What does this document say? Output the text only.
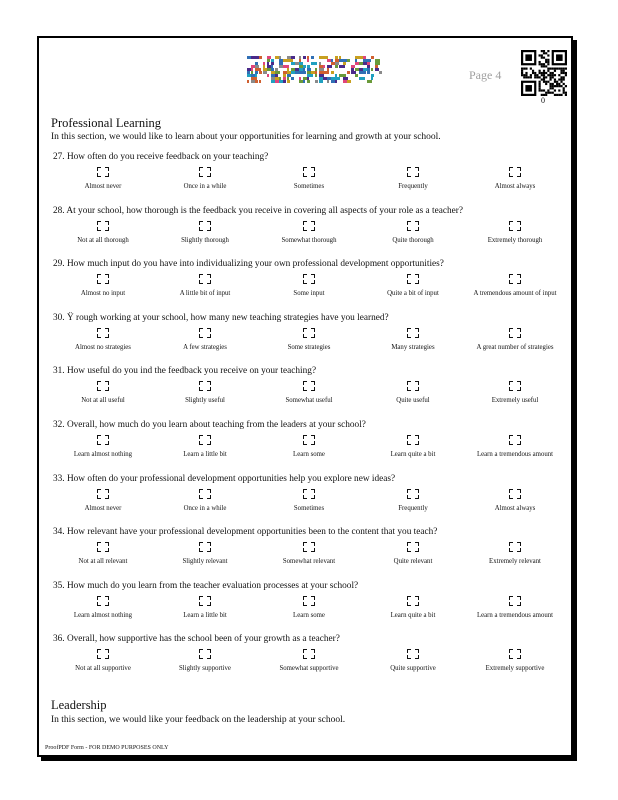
Page 4
0
Professional Learning
In this section, we would like to learn about your opportunities for learning and growth at your school.
27. How often do you receive feedback on your teaching?
Almost never	Once in a while	Sometimes	Frequently	Almost always
28. At your school, how thorough is the feedback you receive in covering all aspects of your role as a teacher?
Not at all thorough	Slightly thorough	Somewhat thorough	Quite thorough	Extremely thorough
29. How much input do you have into individualizing your own professional development opportunities?
Almost no input	A little bit of input	Some input	Quite a bit of input	A tremendous amount of input
30. Ÿ rough working at your school, how many new teaching strategies have you learned?
Almost no strategies	A few strategies	Some strategies	Many strategies	A great number of strategies
31. How useful do you ind the feedback you receive on your teaching?
Not at all useful	Slightly useful	Somewhat useful	Quite useful	Extremely useful
32. Overall, how much do you learn about teaching from the leaders at your school?
Learn almost nothing	Learn a little bit	Learn some	Learn quite a bit	Learn a tremendous amount
33. How often do your professional development opportunities help you explore new ideas?
Almost never	Once in a while	Sometimes	Frequently	Almost always
34. How relevant have your professional development opportunities been to the content that you teach?
Not at all relevant	Slightly relevant	Somewhat relevant	Quite relevant	Extremely relevant
35. How much do you learn from the teacher evaluation processes at your school?
Learn almost nothing	Learn a little bit	Learn some	Learn quite a bit	Learn a tremendous amount
36. Overall, how supportive has the school been of your growth as a teacher?
Not at all supportive	Slightly supportive	Somewhat supportive	Quite supportive	Extremely supportive
Leadership
In this section, we would like your feedback on the leadership at your school.
ProofPDF Form - FOR DEMO PURPOSES ONLY
